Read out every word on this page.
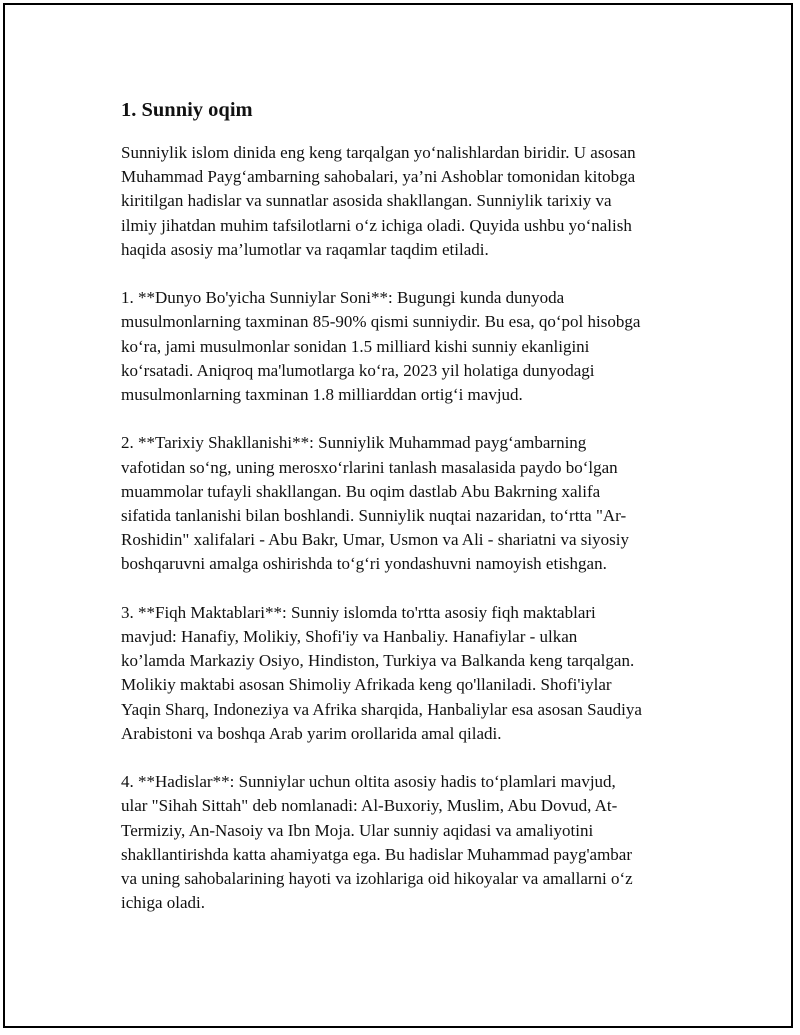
1. Sunniy oqim

Sunniylik islom dinida eng keng tarqalgan yo‘nalishlardan biridir. U asosan
Muhammad Payg‘ambarning sahobalari, ya’ni Ashoblar tomonidan kitobga
kiritilgan hadislar va sunnatlar asosida shakllangan. Sunniylik tarixiy va
ilmiy jihatdan muhim tafsilotlarni o‘z ichiga oladi. Quyida ushbu yo‘nalish
haqida asosiy ma’lumotlar va raqamlar taqdim etiladi.

1. **Dunyo Bo'yicha Sunniylar Soni**: Bugungi kunda dunyoda
musulmonlarning taxminan 85-90% qismi sunniydir. Bu esa, qo‘pol hisobga
ko‘ra, jami musulmonlar sonidan 1.5 milliard kishi sunniy ekanligini
ko‘rsatadi. Aniqroq ma'lumotlarga ko‘ra, 2023 yil holatiga dunyodagi
musulmonlarning taxminan 1.8 milliarddan ortig‘i mavjud.

2. **Tarixiy Shakllanishi**: Sunniylik Muhammad payg‘ambarning
vafotidan so‘ng, uning merosxo‘rlarini tanlash masalasida paydo bo‘lgan
muammolar tufayli shakllangan. Bu oqim dastlab Abu Bakrning xalifa
sifatida tanlanishi bilan boshlandi. Sunniylik nuqtai nazaridan, to‘rtta "Ar-
Roshidin" xalifalari - Abu Bakr, Umar, Usmon va Ali - shariatni va siyosiy
boshqaruvni amalga oshirishda to‘g‘ri yondashuvni namoyish etishgan.

3. **Fiqh Maktablari**: Sunniy islomda to'rtta asosiy fiqh maktablari
mavjud: Hanafiy, Molikiy, Shofi'iy va Hanbaliy. Hanafiylar - ulkan
ko’lamda Markaziy Osiyo, Hindiston, Turkiya va Balkanda keng tarqalgan.
Molikiy maktabi asosan Shimoliy Afrikada keng qo'llaniladi. Shofi'iylar
Yaqin Sharq, Indoneziya va Afrika sharqida, Hanbaliylar esa asosan Saudiya
Arabistoni va boshqa Arab yarim orollarida amal qiladi.

4. **Hadislar**: Sunniylar uchun oltita asosiy hadis to‘plamlari mavjud,
ular "Sihah Sittah" deb nomlanadi: Al-Buxoriy, Muslim, Abu Dovud, At-
Termiziy, An-Nasoiy va Ibn Moja. Ular sunniy aqidasi va amaliyotini
shakllantirishda katta ahamiyatga ega. Bu hadislar Muhammad payg'ambar
va uning sahobalarining hayoti va izohlariga oid hikoyalar va amallarni o‘z
ichiga oladi.
